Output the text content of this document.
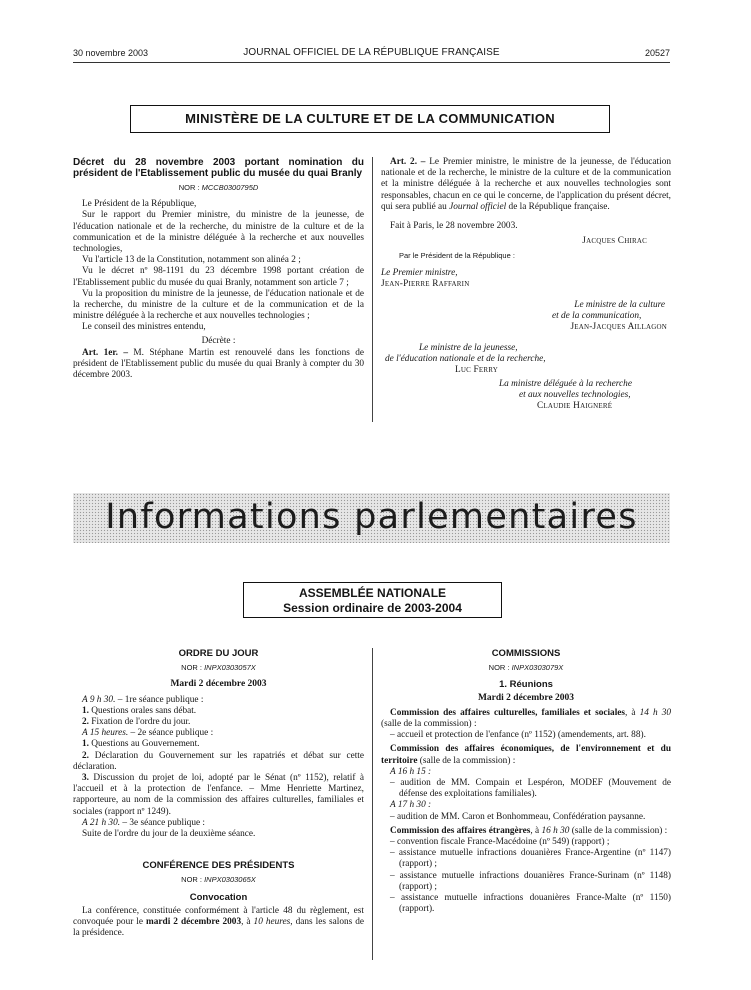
30 novembre 2003	JOURNAL OFFICIEL DE LA RÉPUBLIQUE FRANÇAISE	20527
MINISTÈRE DE LA CULTURE ET DE LA COMMUNICATION

Décret du 28 novembre 2003 portant nomination du président de l'Etablissement public du musée du quai Branly

NOR : MCCB0300795D

Le Président de la République,

Sur le rapport du Premier ministre, du ministre de la jeunesse, de l'éducation nationale et de la recherche, du ministre de la culture et de la communication et de la ministre déléguée à la recherche et aux nouvelles technologies,

Vu l'article 13 de la Constitution, notamment son alinéa 2 ;

Vu le décret nº 98-1191 du 23 décembre 1998 portant création de l'Etablissement public du musée du quai Branly, notamment son article 7 ;

Vu la proposition du ministre de la jeunesse, de l'éducation nationale et de la recherche, du ministre de la culture et de la communication et de la ministre déléguée à la recherche et aux nouvelles technologies ;

Le conseil des ministres entendu,

Décrète :

Art. 1er. – M. Stéphane Martin est renouvelé dans les fonctions de président de l'Etablissement public du musée du quai Branly à compter du 30 décembre 2003.

Art. 2. – Le Premier ministre, le ministre de la jeunesse, de l'éducation nationale et de la recherche, le ministre de la culture et de la communication et la ministre déléguée à la recherche et aux nouvelles technologies sont responsables, chacun en ce qui le concerne, de l'application du présent décret, qui sera publié au Journal officiel de la République française.

Fait à Paris, le 28 novembre 2003.

Jacques Chirac

Par le Président de la République :

Le Premier ministre,

Jean-Pierre Raffarin

Le ministre de la culture

et de la communication,

Jean-Jacques Aillagon

Le ministre de la jeunesse,

de l'éducation nationale et de la recherche,

Luc Ferry

La ministre déléguée à la recherche

et aux nouvelles technologies,

Claudie Haigneré

Informations parlementaires
ASSEMBLÉE NATIONALE
Session ordinaire de 2003-2004

ORDRE DU JOUR

NOR : INPX0303057X

Mardi 2 décembre 2003

A 9 h 30. – 1re séance publique :

1. Questions orales sans débat.

2. Fixation de l'ordre du jour.

A 15 heures. – 2e séance publique :

1. Questions au Gouvernement.

2. Déclaration du Gouvernement sur les rapatriés et débat sur cette déclaration.

3. Discussion du projet de loi, adopté par le Sénat (nº 1152), relatif à l'accueil et à la protection de l'enfance. – Mme Henriette Martinez, rapporteure, au nom de la commission des affaires culturelles, familiales et sociales (rapport nº 1249).

A 21 h 30. – 3e séance publique :

Suite de l'ordre du jour de la deuxième séance.

CONFÉRENCE DES PRÉSIDENTS

NOR : INPX0303065X

Convocation

La conférence, constituée conformément à l'article 48 du règlement, est convoquée pour le mardi 2 décembre 2003, à 10 heures, dans les salons de la présidence.

COMMISSIONS

NOR : INPX0303079X

1. Réunions

Mardi 2 décembre 2003

Commission des affaires culturelles, familiales et sociales, à 14 h 30 (salle de la commission) :

– accueil et protection de l'enfance (nº 1152) (amendements, art. 88).

Commission des affaires économiques, de l'environnement et du territoire (salle de la commission) :

A 16 h 15 :

– audition de MM. Compain et Lespéron, MODEF (Mouvement de défense des exploitations familiales).

A 17 h 30 :

– audition de MM. Caron et Bonhommeau, Confédération paysanne.

Commission des affaires étrangères, à 16 h 30 (salle de la commission) :

– convention fiscale France-Macédoine (nº 549) (rapport) ;

– assistance mutuelle infractions douanières France-Argentine (nº 1147) (rapport) ;

– assistance mutuelle infractions douanières France-Surinam (nº 1148) (rapport) ;

– assistance mutuelle infractions douanières France-Malte (nº 1150) (rapport).
